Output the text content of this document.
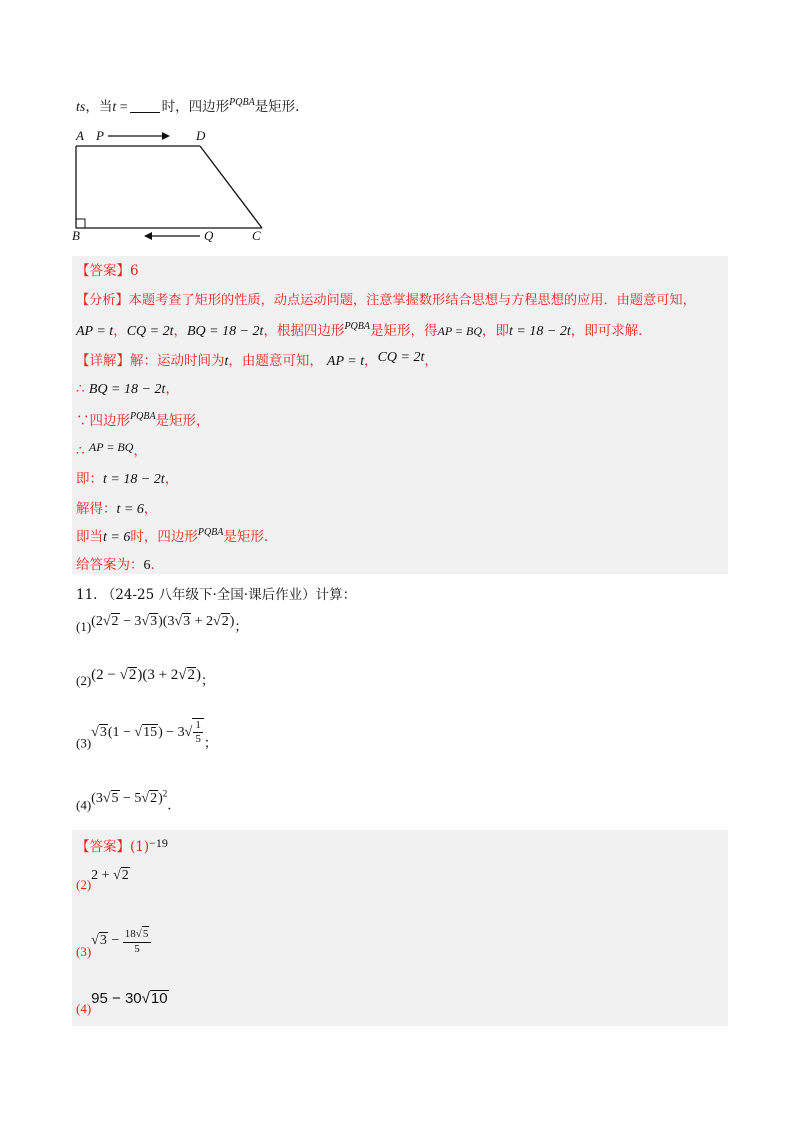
ts，当t =	时，四边形$^{PQBA}$是矩形.
A P	D
B	Q	C
【答案】6
【分析】本题考查了矩形的性质，动点运动问题，注意掌握数形结合思想与方程思想的应用．由题意可知，
AP = t，CQ = 2t，BQ = 18 − 2t，根据四边形$^{PQBA}$是矩形，得AP = BQ，即t = 18 − 2t，即可求解．
【详解】解：运动时间为t，由题意可知， AP = t，CQ = 2t，
∴ BQ = 18 − 2t，
∵四边形$^{PQBA}$是矩形，
∴ AP = BQ，
即：t = 18 − 2t，
解得：t = 6，
即当t = 6时，四边形$^{PQBA}$是矩形．
给答案为：6．
11. （24-25 八年级下·全国·课后作业）计算：
(1)(2√2 − 3√3)(3√3 + 2√2)；
(2)(2 − √2)(3 + 2√2)；
$(3)√3(1 - √15) - 3√ \frac{1}{5}$ ；
$(4)(3√5 - 5√2)^2$.
【答案】(1)−19
(2)2 + √2
$(3)√3 - \frac{18√5}{5}$
(4)95 − 30√10
